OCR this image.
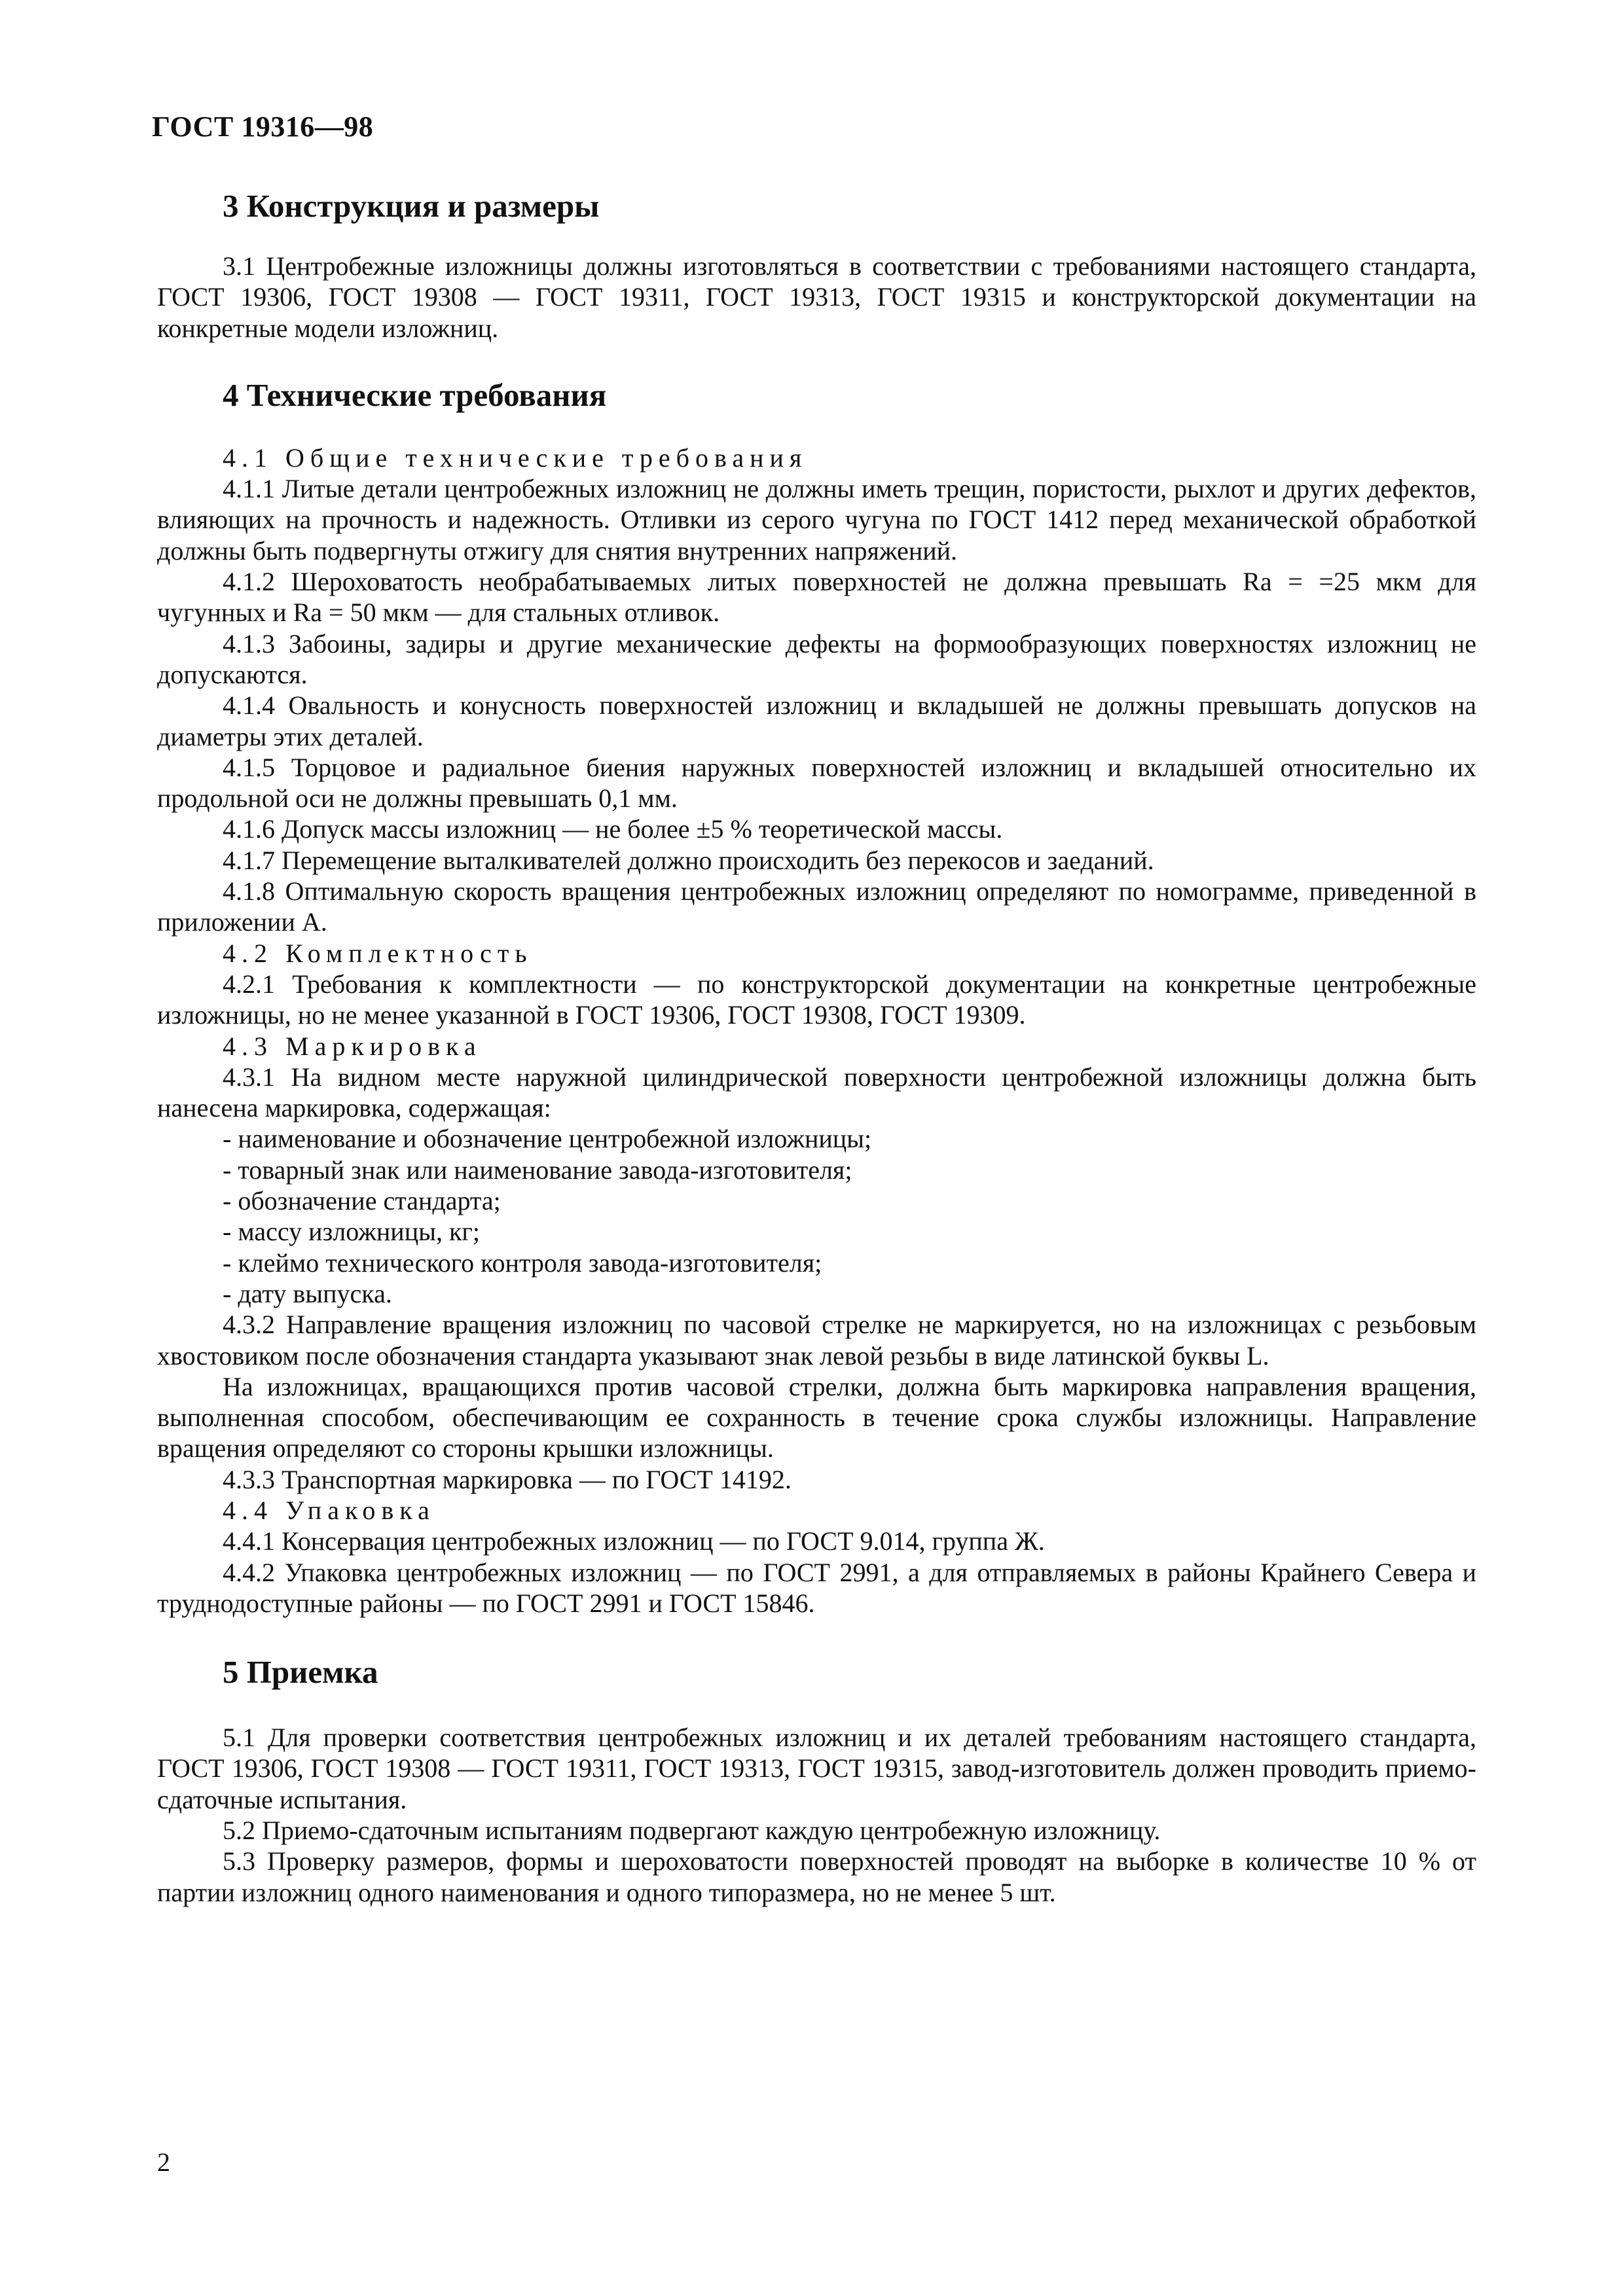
ГОСТ 19316—98
3 Конструкция и размеры

3.1 Центробежные изложницы должны изготовляться в соответствии с требованиями настоящего стандарта, ГОСТ 19306, ГОСТ 19308 — ГОСТ 19311, ГОСТ 19313, ГОСТ 19315 и конструкторской документации на конкретные модели изложниц.

4 Технические требования

4.1 Общие технические требования

4.1.1 Литые детали центробежных изложниц не должны иметь трещин, пористости, рыхлот и других дефектов, влияющих на прочность и надежность. Отливки из серого чугуна по ГОСТ 1412 перед механической обработкой должны быть подвергнуты отжигу для снятия внутренних напряжений.

4.1.2 Шероховатость необрабатываемых литых поверхностей не должна превышать Ra = =25 мкм для чугунных и Ra = 50 мкм — для стальных отливок.

4.1.3 Забоины, задиры и другие механические дефекты на формообразующих поверхностях изложниц не допускаются.

4.1.4 Овальность и конусность поверхностей изложниц и вкладышей не должны превышать допусков на диаметры этих деталей.

4.1.5 Торцовое и радиальное биения наружных поверхностей изложниц и вкладышей относительно их продольной оси не должны превышать 0,1 мм.

4.1.6 Допуск массы изложниц — не более ±5 % теоретической массы.

4.1.7 Перемещение выталкивателей должно происходить без перекосов и заеданий.

4.1.8 Оптимальную скорость вращения центробежных изложниц определяют по номограмме, приведенной в приложении А.

4.2 Комплектность

4.2.1 Требования к комплектности — по конструкторской документации на конкретные центробежные изложницы, но не менее указанной в ГОСТ 19306, ГОСТ 19308, ГОСТ 19309.

4.3 Маркировка

4.3.1 На видном месте наружной цилиндрической поверхности центробежной изложницы должна быть нанесена маркировка, содержащая:

- наименование и обозначение центробежной изложницы;

- товарный знак или наименование завода-изготовителя;

- обозначение стандарта;

- массу изложницы, кг;

- клеймо технического контроля завода-изготовителя;

- дату выпуска.

4.3.2 Направление вращения изложниц по часовой стрелке не маркируется, но на изложницах с резьбовым хвостовиком после обозначения стандарта указывают знак левой резьбы в виде латинской буквы L.

На изложницах, вращающихся против часовой стрелки, должна быть маркировка направления вращения, выполненная способом, обеспечивающим ее сохранность в течение срока службы изложницы. Направление вращения определяют со стороны крышки изложницы.

4.3.3 Транспортная маркировка — по ГОСТ 14192.

4.4 Упаковка

4.4.1 Консервация центробежных изложниц — по ГОСТ 9.014, группа Ж.

4.4.2 Упаковка центробежных изложниц — по ГОСТ 2991, а для отправляемых в районы Крайнего Севера и труднодоступные районы — по ГОСТ 2991 и ГОСТ 15846.

5 Приемка

5.1 Для проверки соответствия центробежных изложниц и их деталей требованиям настоящего стандарта, ГОСТ 19306, ГОСТ 19308 — ГОСТ 19311, ГОСТ 19313, ГОСТ 19315, завод-изготовитель должен проводить приемо-сдаточные испытания.

5.2 Приемо-сдаточным испытаниям подвергают каждую центробежную изложницу.

5.3 Проверку размеров, формы и шероховатости поверхностей проводят на выборке в количестве 10 % от партии изложниц одного наименования и одного типоразмера, но не менее 5 шт.

2
